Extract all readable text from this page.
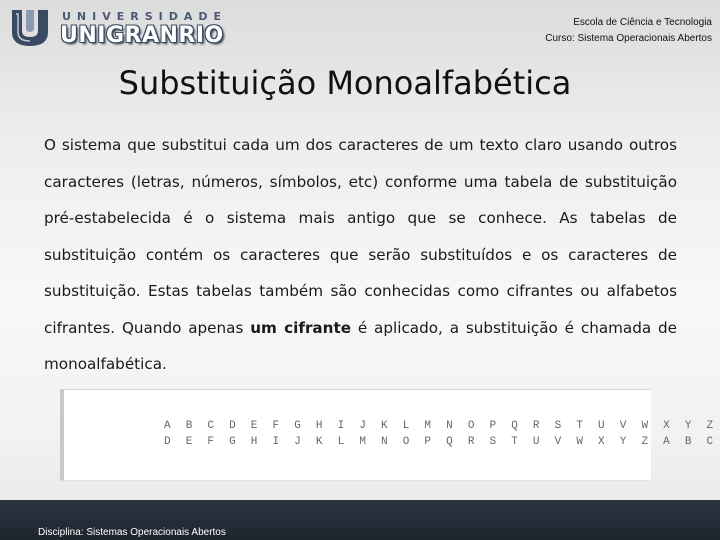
UNIVERSIDADE
UNIGRANRIO
Escola de Ciência e Tecnologia
Curso: Sistema Operacionais Abertos
Substituição Monoalfabética

O sistema que substitui cada um dos caracteres de um texto claro usando outros caracteres (letras, números, símbolos, etc) conforme uma tabela de substituição pré-estabelecida é o sistema mais antigo que se conhece. As tabelas de substituição contém os caracteres que serão substituídos e os caracteres de substituição. Estas tabelas também são conhecidas como cifrantes ou alfabetos cifrantes. Quando apenas um cifrante é aplicado, a substituição é chamada de monoalfabética.

A B C D E F G H I J K L M N O P Q R S T U V W X Y Z
D E F G H I J K L M N O P Q R S T U V W X Y Z A B C
Disciplina: Sistemas Operacionais Abertos
